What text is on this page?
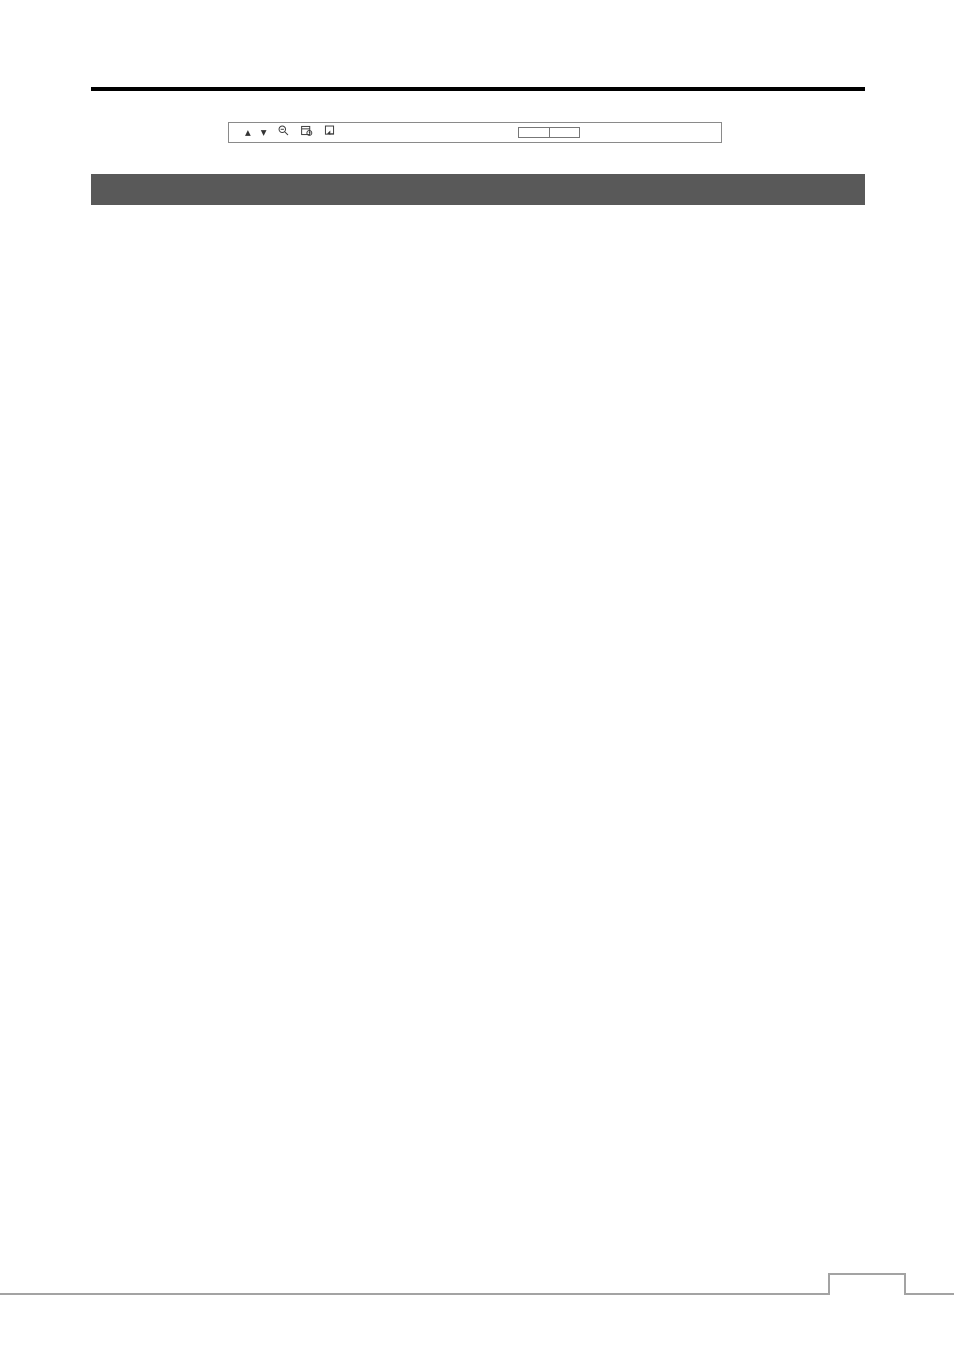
▲ ▼
